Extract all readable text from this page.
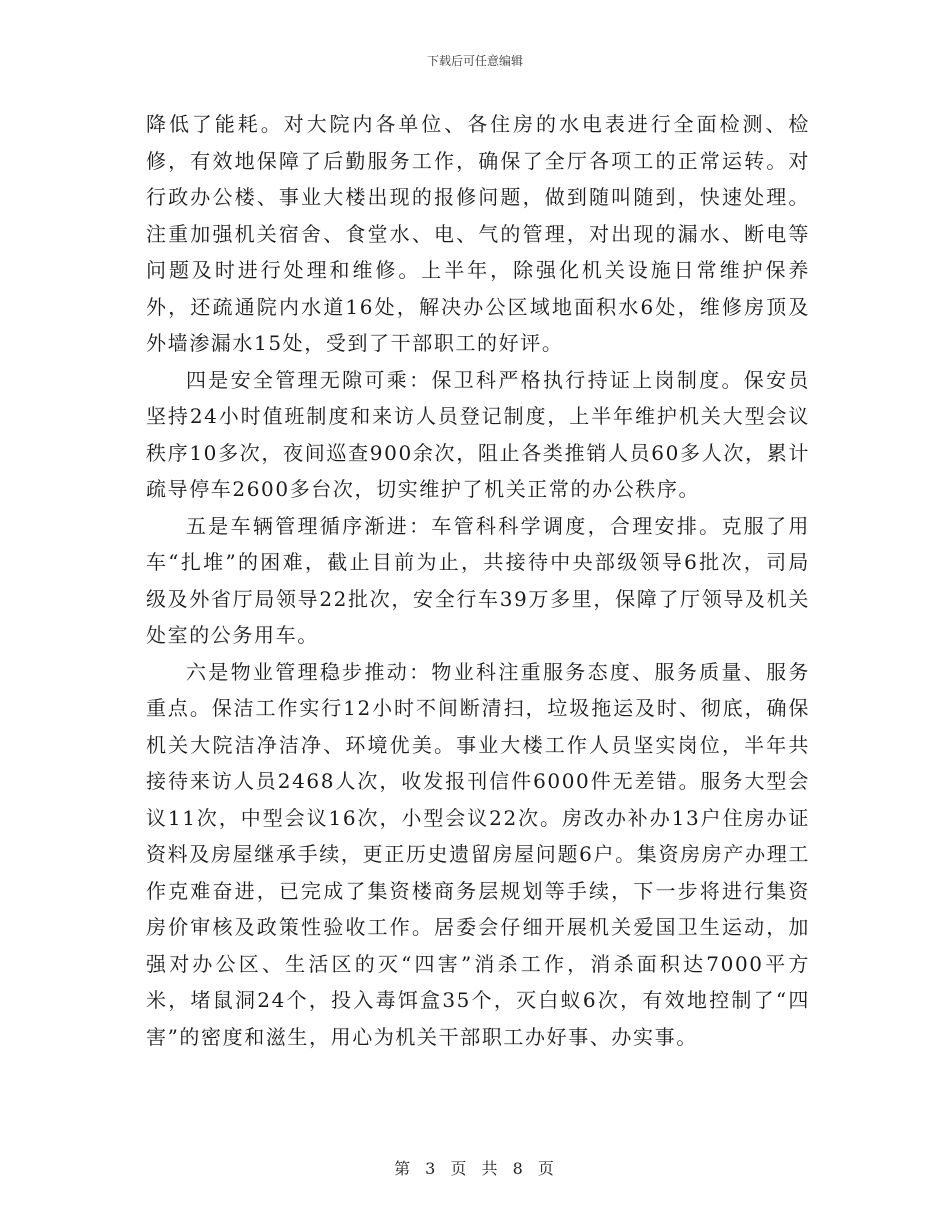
下载后可任意编辑

降低了能耗。对大院内各单位、各住房的水电表进行全面检测、检修，有效地保障了后勤服务工作，确保了全厅各项工的正常运转。对行政办公楼、事业大楼出现的报修问题，做到随叫随到，快速处理。注重加强机关宿舍、食堂水、电、气的管理，对出现的漏水、断电等问题及时进行处理和维修。上半年，除强化机关设施日常维护保养外，还疏通院内水道16处，解决办公区域地面积水6处，维修房顶及外墙渗漏水15处，受到了干部职工的好评。

四是安全管理无隙可乘：保卫科严格执行持证上岗制度。保安员坚持24小时值班制度和来访人员登记制度，上半年维护机关大型会议秩序10多次，夜间巡查900余次，阻止各类推销人员60多人次，累计疏导停车2600多台次，切实维护了机关正常的办公秩序。

五是车辆管理循序渐进：车管科科学调度，合理安排。克服了用车“扎堆”的困难，截止目前为止，共接待中央部级领导6批次，司局级及外省厅局领导22批次，安全行车39万多里，保障了厅领导及机关处室的公务用车。

六是物业管理稳步推动：物业科注重服务态度、服务质量、服务重点。保洁工作实行12小时不间断清扫，垃圾拖运及时、彻底，确保机关大院洁净洁净、环境优美。事业大楼工作人员坚实岗位，半年共接待来访人员2468人次，收发报刊信件6000件无差错。服务大型会议11次，中型会议16次，小型会议22次。房改办补办13户住房办证资料及房屋继承手续，更正历史遗留房屋问题6户。集资房房产办理工作克难奋进，已完成了集资楼商务层规划等手续，下一步将进行集资房价审核及政策性验收工作。居委会仔细开展机关爱国卫生运动，加强对办公区、生活区的灭“四害”消杀工作，消杀面积达7000平方米，堵鼠洞24个，投入毒饵盒35个，灭白蚁6次，有效地控制了“四害”的密度和滋生，用心为机关干部职工办好事、办实事。

第 3 页 共 8 页
